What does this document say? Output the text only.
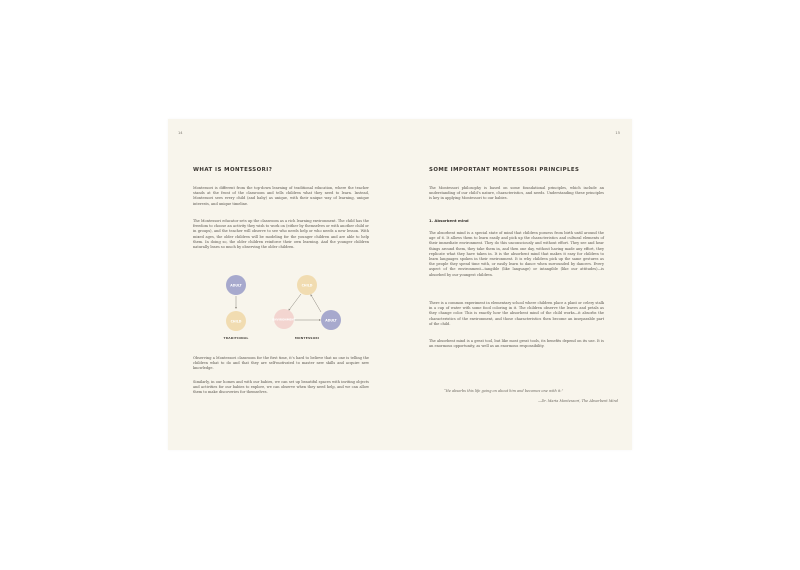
14
WHAT IS MONTESSORI?

Montessori is different from the top-down learning of traditional education, where the teacher stands at the front of the classroom and tells children what they need to learn. Instead, Montessori sees every child (and baby) as unique, with their unique way of learning, unique interests, and unique timeline.

The Montessori educator sets up the classroom as a rich learning environment. The child has the freedom to choose an activity they wish to work on (either by themselves or with another child or in groups), and the teacher will observe to see who needs help or who needs a new lesson. With mixed ages, the older children will be modeling for the younger children and are able to help them. In doing so, the older children reinforce their own learning. And the younger children naturally learn so much by observing the older children.

ADULT
CHILD
TRADITIONAL
CHILD
ENVIRONMENT	ADULT
MONTESSORI

Observing a Montessori classroom for the first time, it’s hard to believe that no one is telling the children what to do and that they are self-motivated to master new skills and acquire new knowledge.

Similarly, in our homes and with our babies, we can set up beautiful spaces with inviting objects and activities for our babies to explore, we can observe when they need help, and we can allow them to make discoveries for themselves.

15
SOME IMPORTANT MONTESSORI PRINCIPLES

The Montessori philosophy is based on some foundational principles, which include an understanding of our child’s nature, characteristics, and needs. Understanding these principles is key in applying Montessori to our babies.

1. Absorbent mind

The absorbent mind is a special state of mind that children possess from birth until around the age of 6. It allows them to learn easily and pick up the characteristics and cultural elements of their immediate environment. They do this unconsciously and without effort. They see and hear things around them, they take them in, and then one day, without having made any effort, they replicate what they have taken in. It is the absorbent mind that makes it easy for children to learn languages spoken in their environment. It is why children pick up the same gestures as the people they spend time with, or easily learn to dance when surrounded by dancers. Every aspect of the environment—tangible (like language) or intangible (like our attitudes)—is absorbed by our youngest children.

There is a common experiment in elementary school where children place a plant or celery stalk in a cup of water with some food coloring in it. The children observe the leaves and petals as they change color. This is exactly how the absorbent mind of the child works—it absorbs the characteristics of the environment, and those characteristics then become an inseparable part of the child.

The absorbent mind is a great tool, but like most great tools, its benefits depend on its use. It is an enormous opportunity, as well as an enormous responsibility.

“He absorbs this life going on about him and becomes one with it.”
—Dr. Maria Montessori, The Absorbent Mind
